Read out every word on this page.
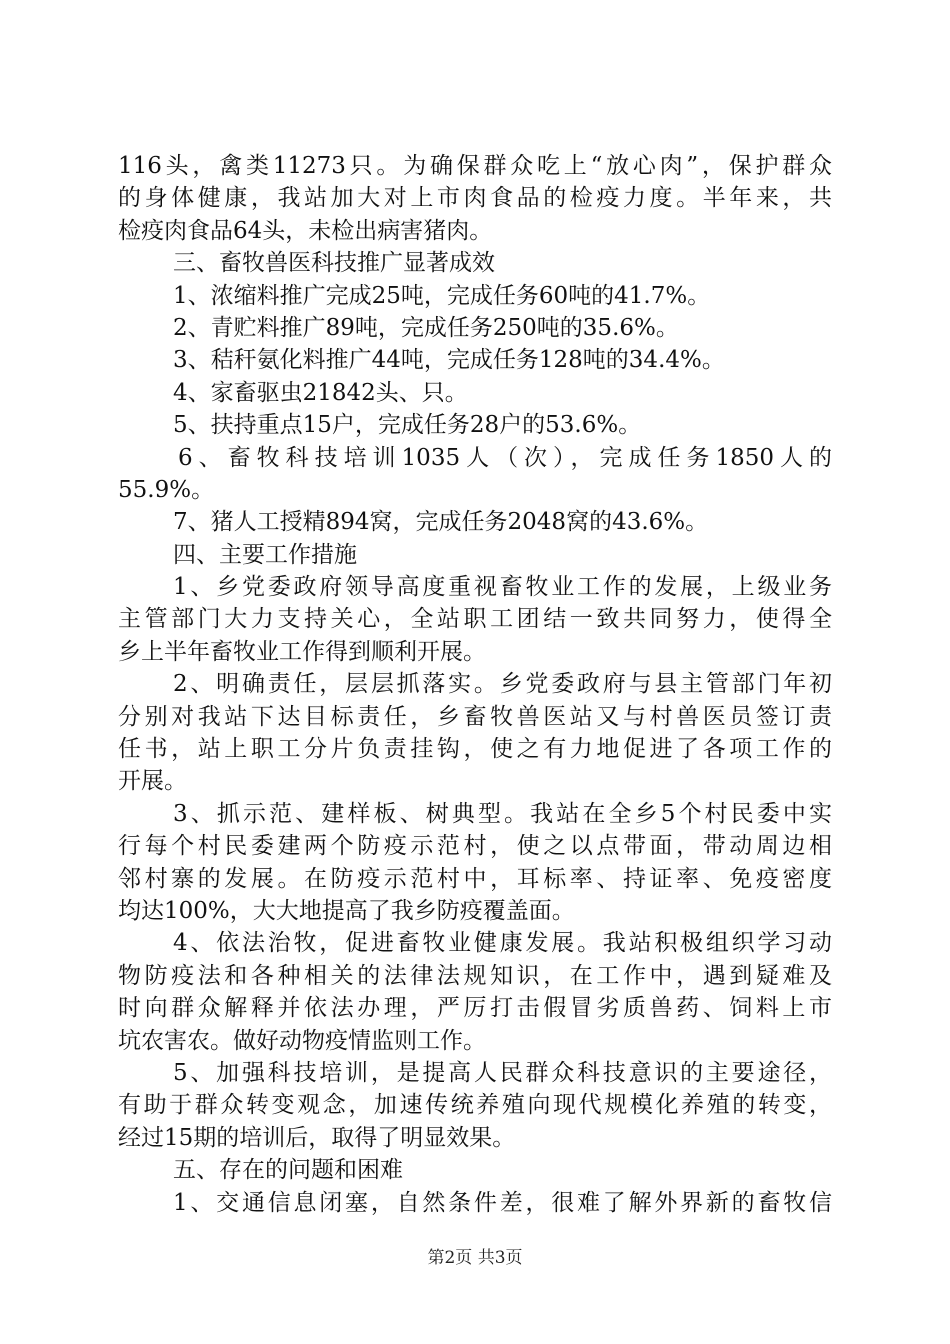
116头，禽类11273只。为确保群众吃上“放心肉”，保护群众
的身体健康，我站加大对上市肉食品的检疫力度。半年来，共
检疫肉食品64头，未检出病害猪肉。
三、畜牧兽医科技推广显著成效
1、浓缩料推广完成25吨，完成任务60吨的41.7%。
2、青贮料推广89吨，完成任务250吨的35.6%。
3、秸秆氨化料推广44吨，完成任务128吨的34.4%。
4、家畜驱虫21842头、只。
5、扶持重点15户，完成任务28户的53.6%。
6、畜牧科技培训1035人（次），完成任务1850人的
55.9%。
7、猪人工授精894窝，完成任务2048窝的43.6%。
四、主要工作措施
1、乡党委政府领导高度重视畜牧业工作的发展，上级业务
主管部门大力支持关心，全站职工团结一致共同努力，使得全
乡上半年畜牧业工作得到顺利开展。
2、明确责任，层层抓落实。乡党委政府与县主管部门年初
分别对我站下达目标责任，乡畜牧兽医站又与村兽医员签订责
任书，站上职工分片负责挂钩，使之有力地促进了各项工作的
开展。
3、抓示范、建样板、树典型。我站在全乡5个村民委中实
行每个村民委建两个防疫示范村，使之以点带面，带动周边相
邻村寨的发展。在防疫示范村中，耳标率、持证率、免疫密度
均达100%，大大地提高了我乡防疫覆盖面。
4、依法治牧，促进畜牧业健康发展。我站积极组织学习动
物防疫法和各种相关的法律法规知识，在工作中，遇到疑难及
时向群众解释并依法办理，严厉打击假冒劣质兽药、饲料上市
坑农害农。做好动物疫情监则工作。
5、加强科技培训，是提高人民群众科技意识的主要途径，
有助于群众转变观念，加速传统养殖向现代规模化养殖的转变，
经过15期的培训后，取得了明显效果。
五、存在的问题和困难
1、交通信息闭塞，自然条件差，很难了解外界新的畜牧信
第2页 共3页
